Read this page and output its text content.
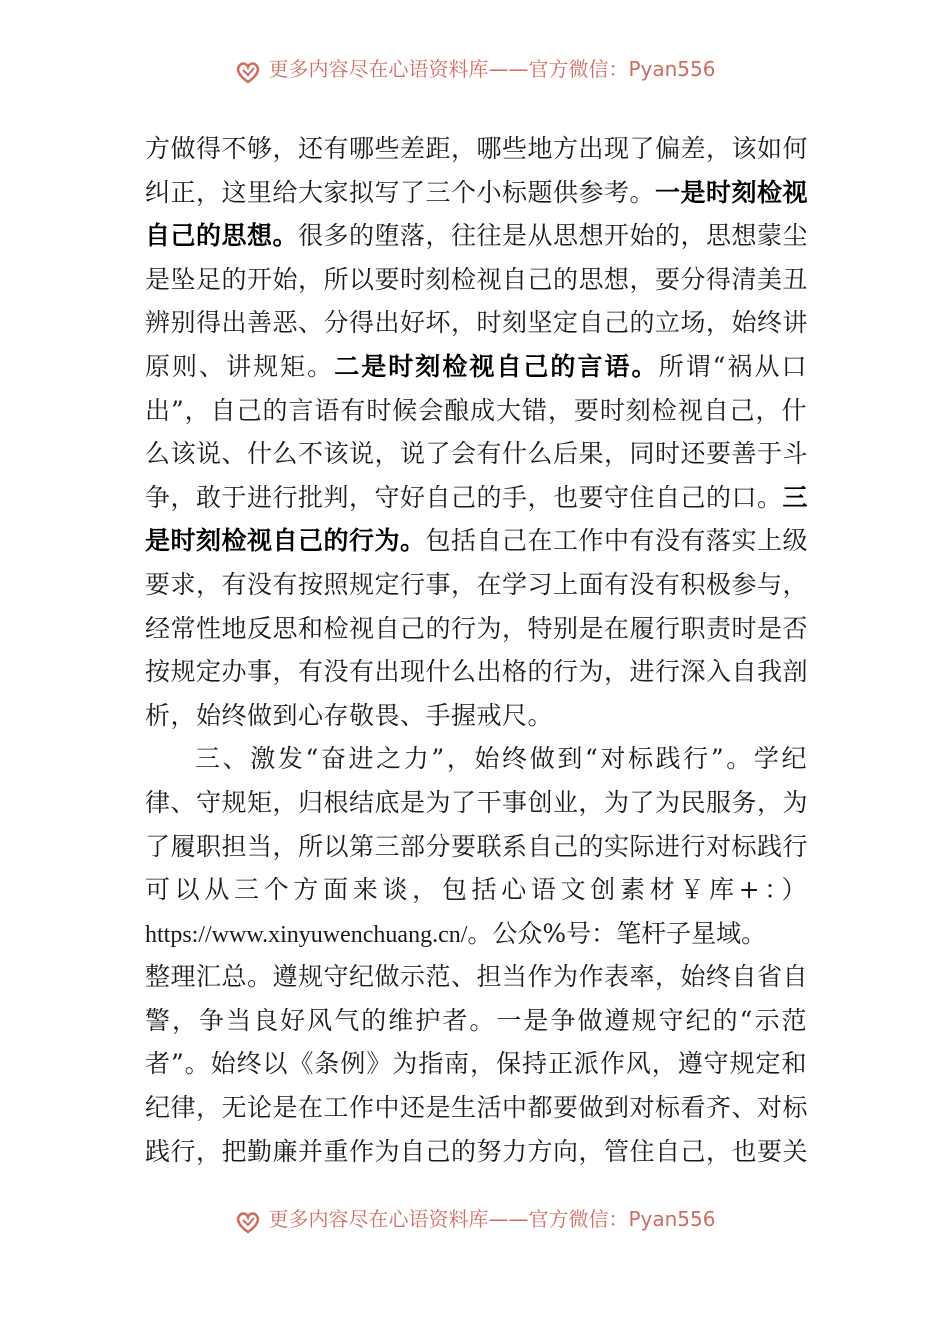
更多内容尽在心语资料库——官方微信：Pyan556
方做得不够，还有哪些差距，哪些地方出现了偏差，该如何
纠正，这里给大家拟写了三个小标题供参考。一是时刻检视
自己的思想。很多的堕落，往往是从思想开始的，思想蒙尘
是坠足的开始，所以要时刻检视自己的思想，要分得清美丑
辨别得出善恶、分得出好坏，时刻坚定自己的立场，始终讲
原则、讲规矩。二是时刻检视自己的言语。所谓“祸从口
出”，自己的言语有时候会酿成大错，要时刻检视自己，什
么该说、什么不该说，说了会有什么后果，同时还要善于斗
争，敢于进行批判，守好自己的手，也要守住自己的口。三
是时刻检视自己的行为。包括自己在工作中有没有落实上级
要求，有没有按照规定行事，在学习上面有没有积极参与，
经常性地反思和检视自己的行为，特别是在履行职责时是否
按规定办事，有没有出现什么出格的行为，进行深入自我剖
析，始终做到心存敬畏、手握戒尺。
三、激发“奋进之力”，始终做到“对标践行”。学纪
律、守规矩，归根结底是为了干事创业，为了为民服务，为
了履职担当，所以第三部分要联系自己的实际进行对标践行
可以从三个方面来谈，包括心语文创素材￥库+：）
https://www.xinyuwenchuang.cn/。公众%号：笔杆子星域。
整理汇总。遵规守纪做示范、担当作为作表率，始终自省自
警，争当良好风气的维护者。一是争做遵规守纪的“示范
者”。始终以《条例》为指南，保持正派作风，遵守规定和
纪律，无论是在工作中还是生活中都要做到对标看齐、对标
践行，把勤廉并重作为自己的努力方向，管住自己，也要关
更多内容尽在心语资料库——官方微信：Pyan556
